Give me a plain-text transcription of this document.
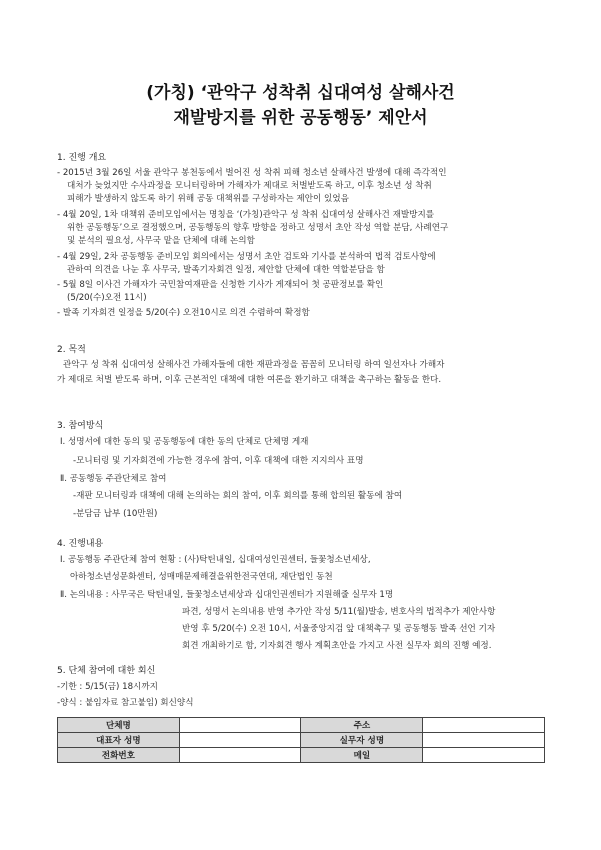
(가칭) ‘관악구 성착취 십대여성 살해사건
재발방지를 위한 공동행동’ 제안서
1. 진행 개요
- 2015년 3월 26일 서울 관악구 봉천동에서 벌어진 성 착취 피해 청소년 살해사건 발생에 대해 즉각적인
대처가 늦었지만 수사과정을 모니터링하며 가해자가 제대로 처벌받도록 하고, 이후 청소년 성 착취
피해가 발생하지 않도록 하기 위해 공동 대책위를 구성하자는 제안이 있었음
- 4월 20일, 1차 대책위 준비모임에서는 명칭을 ‘(가칭)관악구 성 착취 십대여성 살해사건 재발방지를
위한 공동행동’으로 결정했으며, 공동행동의 향후 방향을 정하고 성명서 초안 작성 역할 분담, 사례연구
및 분석의 필요성, 사무국 맡을 단체에 대해 논의함
- 4월 29일, 2차 공동행동 준비모임 회의에서는 성명서 초안 검토와 기사를 분석하여 법적 검토사항에
관하여 의견을 나눈 후 사무국, 발족기자회견 일정, 제안할 단체에 대한 역할분담을 함
- 5월 8일 이사건 가해자가 국민참여재판을 신청한 기사가 게재되어 첫 공판정보를 확인
(5/20(수)오전 11시)
- 발족 기자회견 일정을 5/20(수) 오전10시로 의견 수렴하여 확정함
2. 목적
관악구 성 착취 십대여성 살해사건 가해자들에 대한 재판과정을 꼼꼼히 모니터링 하여 일선자나 가해자
가 제대로 처벌 받도록 하며, 이후 근본적인 대책에 대한 여론을 환기하고 대책을 촉구하는 활동을 한다.
3. 참여방식
Ⅰ. 성명서에 대한 동의 및 공동행동에 대한 동의 단체로 단체명 게재
-모니터링 및 기자회견에 가능한 경우에 참여, 이후 대책에 대한 지지의사 표명
Ⅱ. 공동행동 주관단체로 참여
-재판 모니터링과 대책에 대해 논의하는 회의 참여, 이후 회의를 통해 합의된 활동에 참여
-분담금 납부 (10만원)
4. 진행내용
Ⅰ. 공동행동 주관단체 참여 현황 : (사)탁틴내일, 십대여성인권센터, 들꽃청소년세상,
아하청소년성문화센터, 성매매문제해결을위한전국연대, 재단법인 동천
Ⅱ. 논의내용 : 사무국은 탁틴내일, 들꽃청소년세상과 십대인권센터가 지원해줄 실무자 1명
파견, 성명서 논의내용 반영 추가안 작성 5/11(월)발송, 변호사의 법적추가 제안사항
반영 후 5/20(수) 오전 10시, 서울중앙지검 앞 대책촉구 및 공동행동 발족 선언 기자
회견 개최하기로 함, 기자회견 행사 계획초안을 가지고 사전 실무자 회의 진행 예정.
5. 단체 참여에 대한 회신
-기한 : 5/15(금) 18시까지
-양식 : 붙임자료 참고붙임) 회신양식
단체명		주소	
대표자 성명		실무자 성명	
전화번호		메일	
